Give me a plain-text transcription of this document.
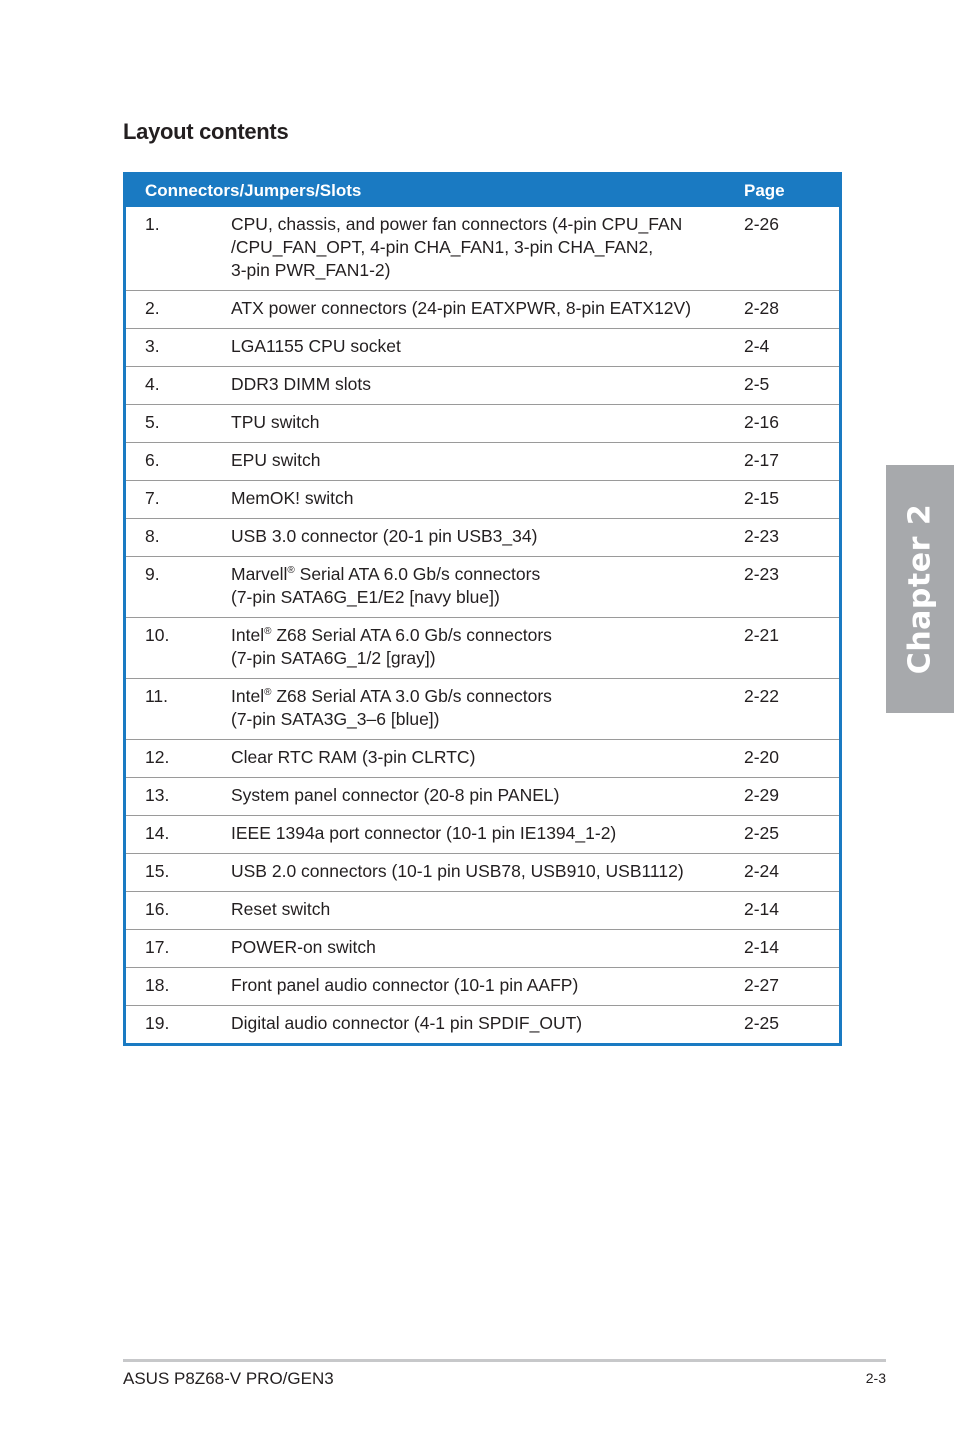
Layout contents
Connectors/Jumpers/Slots		Page
1.	CPU, chassis, and power fan connectors (4-pin CPU_FAN
/CPU_FAN_OPT, 4-pin CHA_FAN1, 3-pin CHA_FAN2,
3-pin PWR_FAN1-2)	2-26
2.	ATX power connectors (24-pin EATXPWR, 8-pin EATX12V)	2-28
3.	LGA1155 CPU socket	2-4
4.	DDR3 DIMM slots	2-5
5.	TPU switch	2-16
6.	EPU switch	2-17
7.	MemOK! switch	2-15
8.	USB 3.0 connector (20-1 pin USB3_34)	2-23
9.	Marvell® Serial ATA 6.0 Gb/s connectors
(7-pin SATA6G_E1/E2 [navy blue])	2-23
10.	Intel® Z68 Serial ATA 6.0 Gb/s connectors
(7-pin SATA6G_1/2 [gray])	2-21
11.	Intel® Z68 Serial ATA 3.0 Gb/s connectors
(7-pin SATA3G_3–6 [blue])	2-22
12.	Clear RTC RAM (3-pin CLRTC)	2-20
13.	System panel connector (20-8 pin PANEL)	2-29
14.	IEEE 1394a port connector (10-1 pin IE1394_1-2)	2-25
15.	USB 2.0 connectors (10-1 pin USB78, USB910, USB1112)	2-24
16.	Reset switch	2-14
17.	POWER-on switch	2-14
18.	Front panel audio connector (10-1 pin AAFP)	2-27
19.	Digital audio connector (4-1 pin SPDIF_OUT)	2-25
Chapter 2
ASUS P8Z68-V PRO/GEN3	2-3
